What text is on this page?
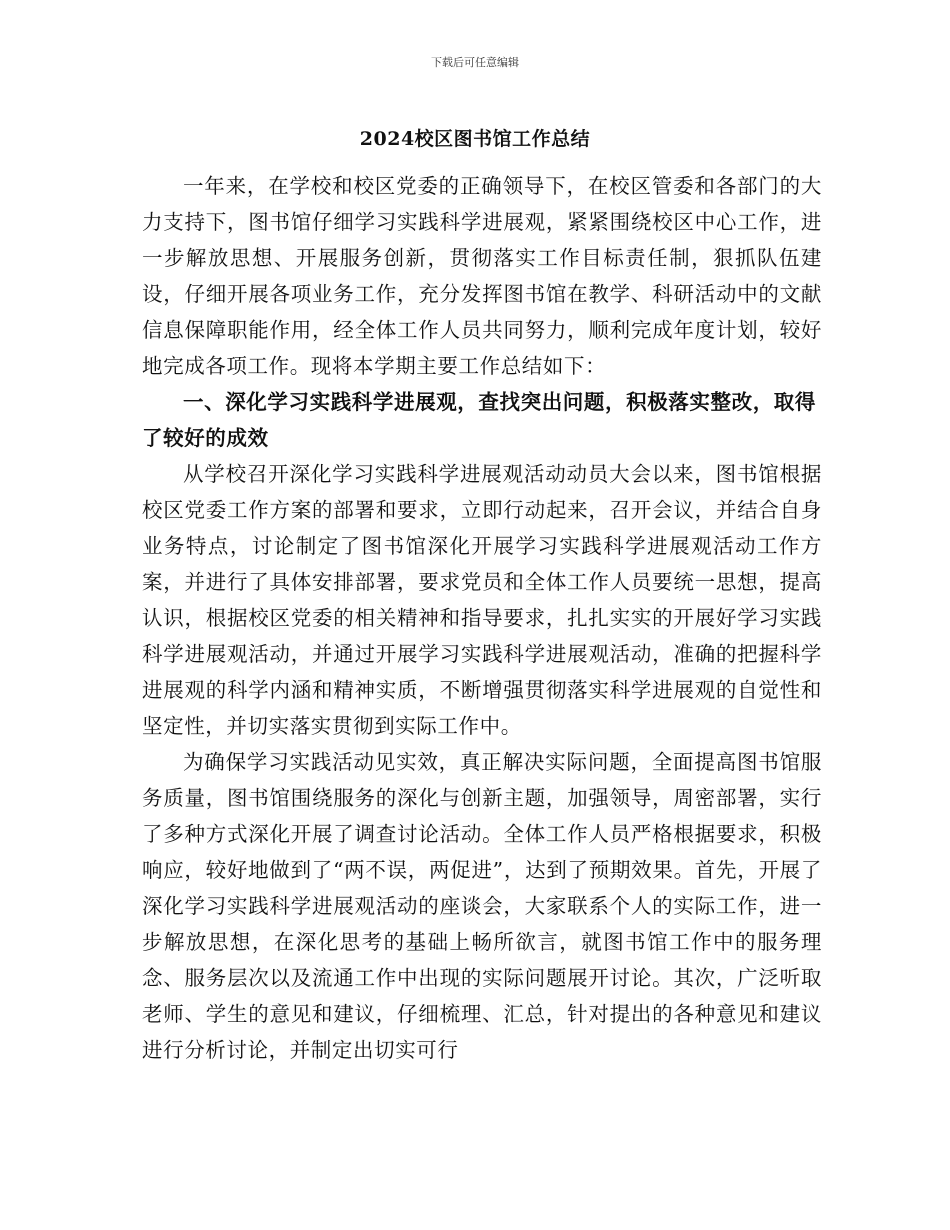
下载后可任意编辑
2024校区图书馆工作总结

一年来，在学校和校区党委的正确领导下，在校区管委和各部门的大力支持下，图书馆仔细学习实践科学进展观，紧紧围绕校区中心工作，进一步解放思想、开展服务创新，贯彻落实工作目标责任制，狠抓队伍建设，仔细开展各项业务工作，充分发挥图书馆在教学、科研活动中的文献信息保障职能作用，经全体工作人员共同努力，顺利完成年度计划，较好地完成各项工作。现将本学期主要工作总结如下：

一、深化学习实践科学进展观，查找突出问题，积极落实整改，取得了较好的成效

从学校召开深化学习实践科学进展观活动动员大会以来，图书馆根据校区党委工作方案的部署和要求，立即行动起来，召开会议，并结合自身业务特点，讨论制定了图书馆深化开展学习实践科学进展观活动工作方案，并进行了具体安排部署，要求党员和全体工作人员要统一思想，提高认识，根据校区党委的相关精神和指导要求，扎扎实实的开展好学习实践科学进展观活动，并通过开展学习实践科学进展观活动，准确的把握科学进展观的科学内涵和精神实质，不断增强贯彻落实科学进展观的自觉性和坚定性，并切实落实贯彻到实际工作中。

为确保学习实践活动见实效，真正解决实际问题，全面提高图书馆服务质量，图书馆围绕服务的深化与创新主题，加强领导，周密部署，实行了多种方式深化开展了调查讨论活动。全体工作人员严格根据要求，积极响应，较好地做到了“两不误，两促进”，达到了预期效果。首先，开展了深化学习实践科学进展观活动的座谈会，大家联系个人的实际工作，进一步解放思想，在深化思考的基础上畅所欲言，就图书馆工作中的服务理念、服务层次以及流通工作中出现的实际问题展开讨论。其次，广泛听取老师、学生的意见和建议，仔细梳理、汇总，针对提出的各种意见和建议进行分析讨论，并制定出切实可行
